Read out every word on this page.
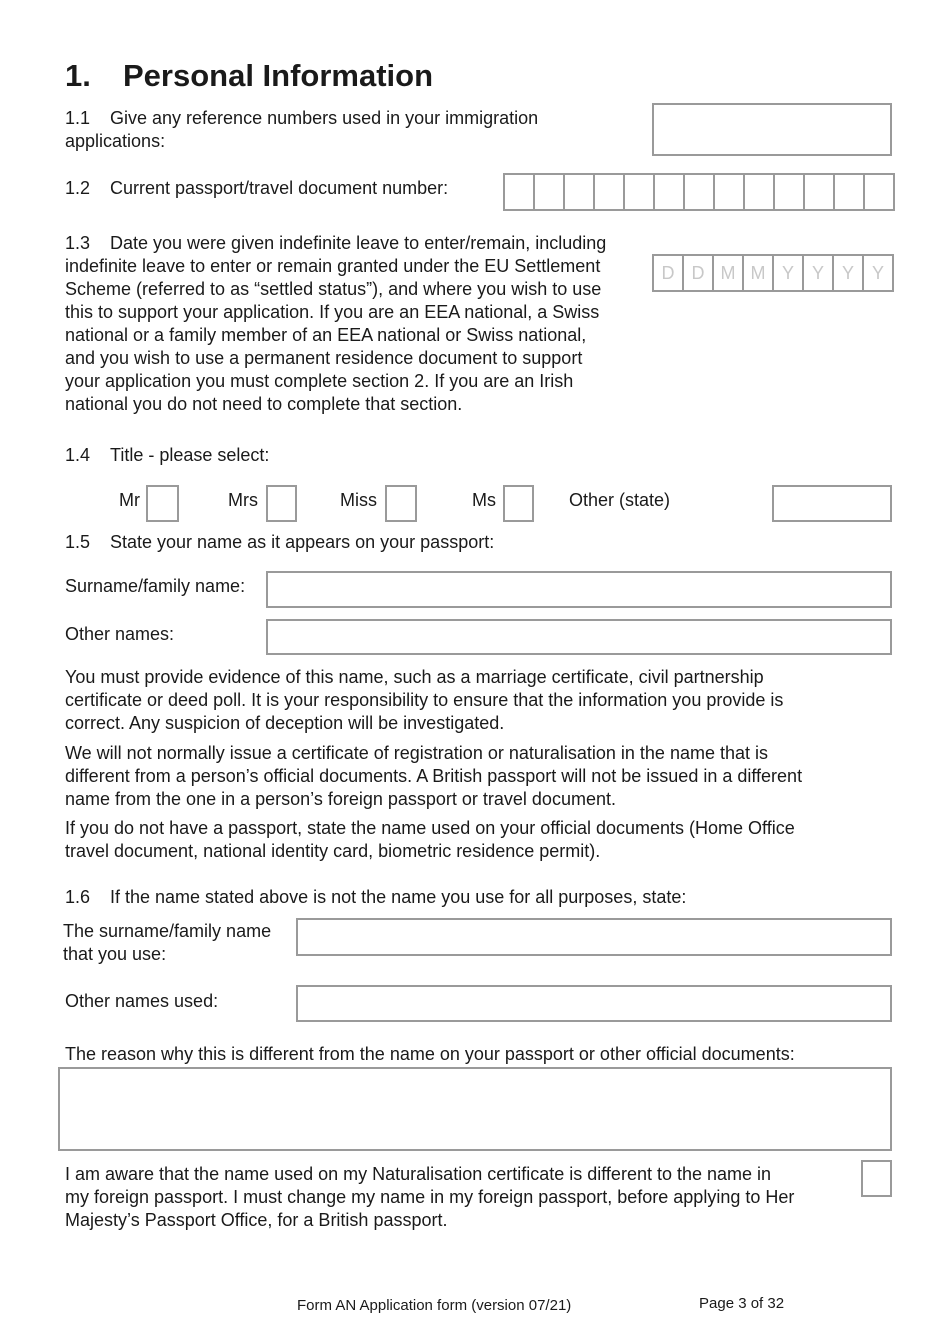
1. Personal Information
1.1 Give any reference numbers used in your immigration
applications:
1.2 Current passport/travel document number:
1.3 Date you were given indefinite leave to enter/remain, including
indefinite leave to enter or remain granted under the EU Settlement
Scheme (referred to as “settled status”), and where you wish to use
this to support your application. If you are an EEA national, a Swiss
national or a family member of an EEA national or Swiss national,
and you wish to use a permanent residence document to support
your application you must complete section 2. If you are an Irish
national you do not need to complete that section.
D D M M Y Y Y Y
1.4 Title - please select:
Mr	Mrs	Miss	Ms	Other (state)
1.5 State your name as it appears on your passport:
Surname/family name:
Other names:
You must provide evidence of this name, such as a marriage certificate, civil partnership
certificate or deed poll. It is your responsibility to ensure that the information you provide is
correct. Any suspicion of deception will be investigated.
We will not normally issue a certificate of registration or naturalisation in the name that is
different from a person’s official documents. A British passport will not be issued in a different
name from the one in a person’s foreign passport or travel document.
If you do not have a passport, state the name used on your official documents (Home Office
travel document, national identity card, biometric residence permit).
1.6 If the name stated above is not the name you use for all purposes, state:
The surname/family name
that you use:
Other names used:
The reason why this is different from the name on your passport or other official documents:
I am aware that the name used on my Naturalisation certificate is different to the name in
my foreign passport. I must change my name in my foreign passport, before applying to Her
Majesty’s Passport Office, for a British passport.
Form AN Application form (version 07/21)	Page 3 of 32
